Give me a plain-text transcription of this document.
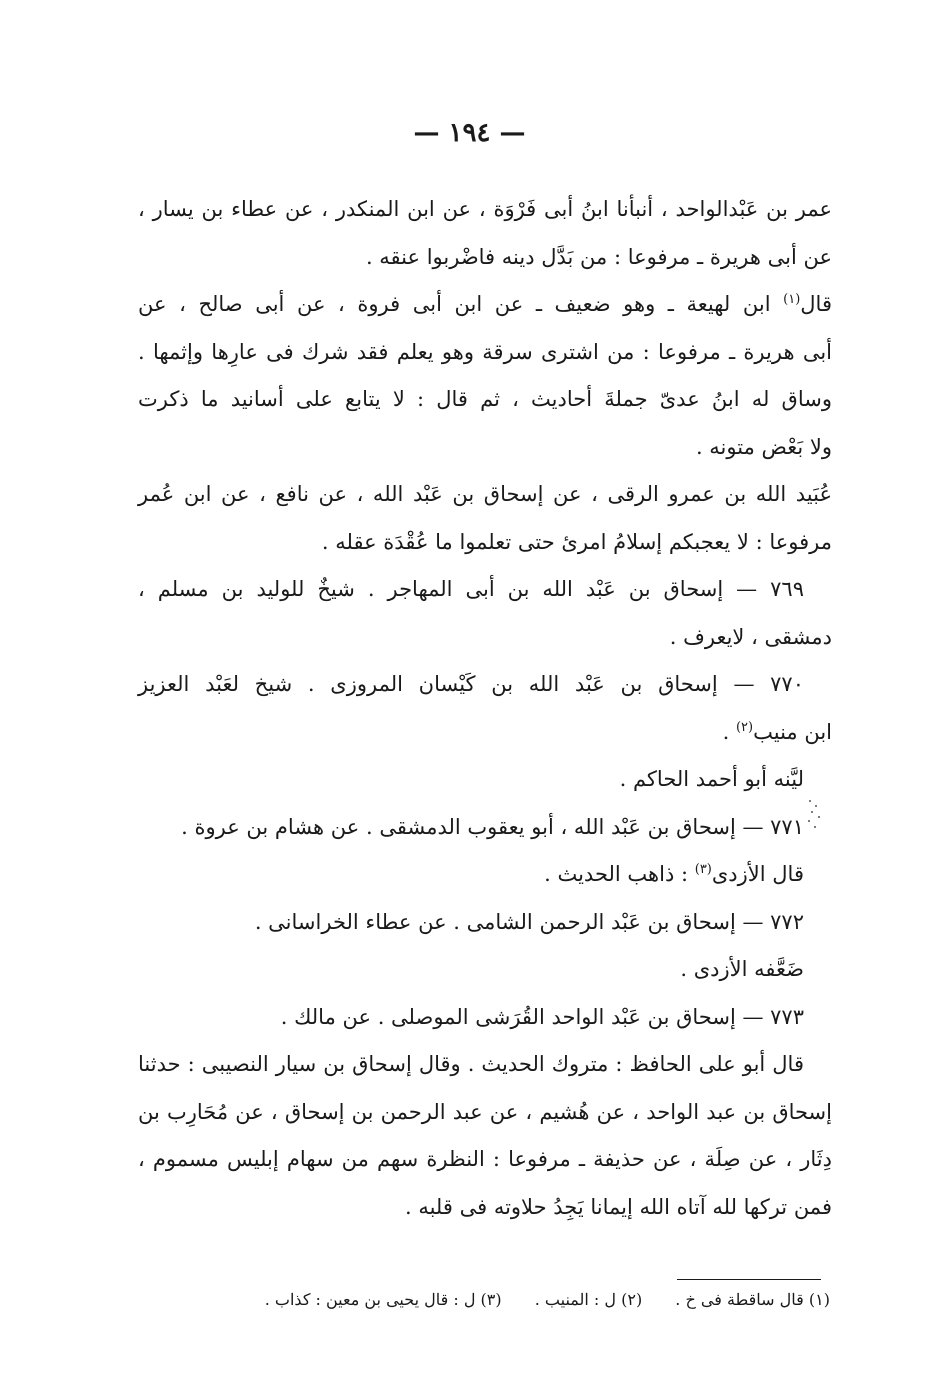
— ١٩٤ —
عمر بن عَبْدالواحد ، أنبأنا ابنُ أبى فَرْوَة ، عن ابن المنكدر ، عن عطاء بن يسار ،
عن أبى هريرة ـ مرفوعا : من بَدَّل دينه فاضْربوا عنقه .
قال$^{(١)}$ ابن لهيعة ـ وهو ضعيف ـ عن ابن أبى فروة ، عن أبى صالح ، عن
أبى هريرة ـ مرفوعا : من اشترى سرقة وهو يعلم فقد شرك فى عارِها وإثمها .
وساق له ابنُ عدىّ جملةَ أحاديث ، ثم قال : لا يتابع على أسانيد ما ذكرت
ولا بَعْض متونه .
عُبَيد الله بن عمرو الرقى ، عن إسحاق بن عَبْد الله ، عن نافع ، عن ابن عُمر
مرفوعا : لا يعجبكم إسلامُ امرئ حتى تعلموا ما عُقْدَة عقله .
٧٦٩ — إسحاق بن عَبْد الله بن أبى المهاجر . شيخٌ للوليد بن مسلم ،
دمشقى ، لايعرف .
٧٧٠ — إسحاق بن عَبْد الله بن كَيْسان المروزى . شيخ لعَبْد العزيز
ابن منيب$^{(٢)}$ .
ليَّنه أبو أحمد الحاكم .
٧٧١ — إسحاق بن عَبْد الله ، أبو يعقوب الدمشقى . عن هشام بن عروة .
قال الأزدى$^{(٣)}$ : ذاهب الحديث .
٧٧٢ — إسحاق بن عَبْد الرحمن الشامى . عن عطاء الخراسانى .
ضَعَّفه الأزدى .
٧٧٣ — إسحاق بن عَبْد الواحد القُرَشى الموصلى . عن مالك .
قال أبو على الحافظ : متروك الحديث . وقال إسحاق بن سيار النصيبى : حدثنا
إسحاق بن عبد الواحد ، عن هُشيم ، عن عبد الرحمن بن إسحاق ، عن مُحَارِب بن
دِثَار ، عن صِلَة ، عن حذيفة ـ مرفوعا : النظرة سهم من سهام إبليس مسموم ،
فمن تركها لله آتاه الله إيمانا يَجِدُ حلاوته فى قلبه .
(١) قال ساقطة فى خ . (٢) ل : المنيب . (٣) ل : قال يحيى بن معين : كذاب .
